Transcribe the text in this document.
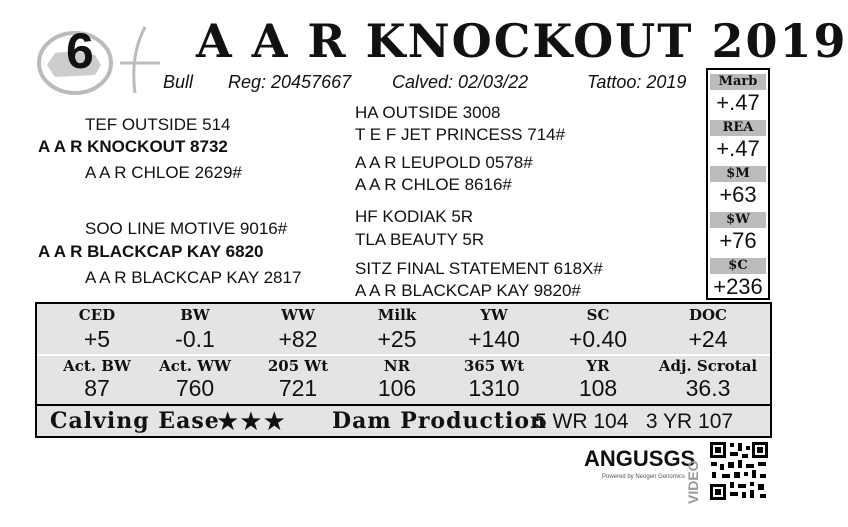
6 A A R KNOCKOUT 2019
Bull Reg: 20457667 Calved: 02/03/22	Tattoo: 2019
TEF OUTSIDE 514
A A R KNOCKOUT 8732
A A R CHLOE 2629#
HA OUTSIDE 3008
T E F JET PRINCESS 714#
A A R LEUPOLD 0578#
A A R CHLOE 8616#
SOO LINE MOTIVE 9016#
A A R BLACKCAP KAY 6820
A A R BLACKCAP KAY 2817
HF KODIAK 5R
TLA BEAUTY 5R
SITZ FINAL STATEMENT 618X#
A A R BLACKCAP KAY 9820#
Marb
+.47
REA
+.47
$M
+63
$W
+76
$C
+236
CED	BW	WW	Milk	YW	SC	DOC
+5	-0.1	+82	+25	+140	+0.40	+24
Act. BW	Act. WW	205 Wt	NR	365 Wt	YR	Adj. Scrotal
87	760	721	106	1310	108	36.3
Calving Ease
★★★ Dam Production
5 WR 104   3 YR 107
ANGUSGS
Powered by Neogen Genomics VIDEO
